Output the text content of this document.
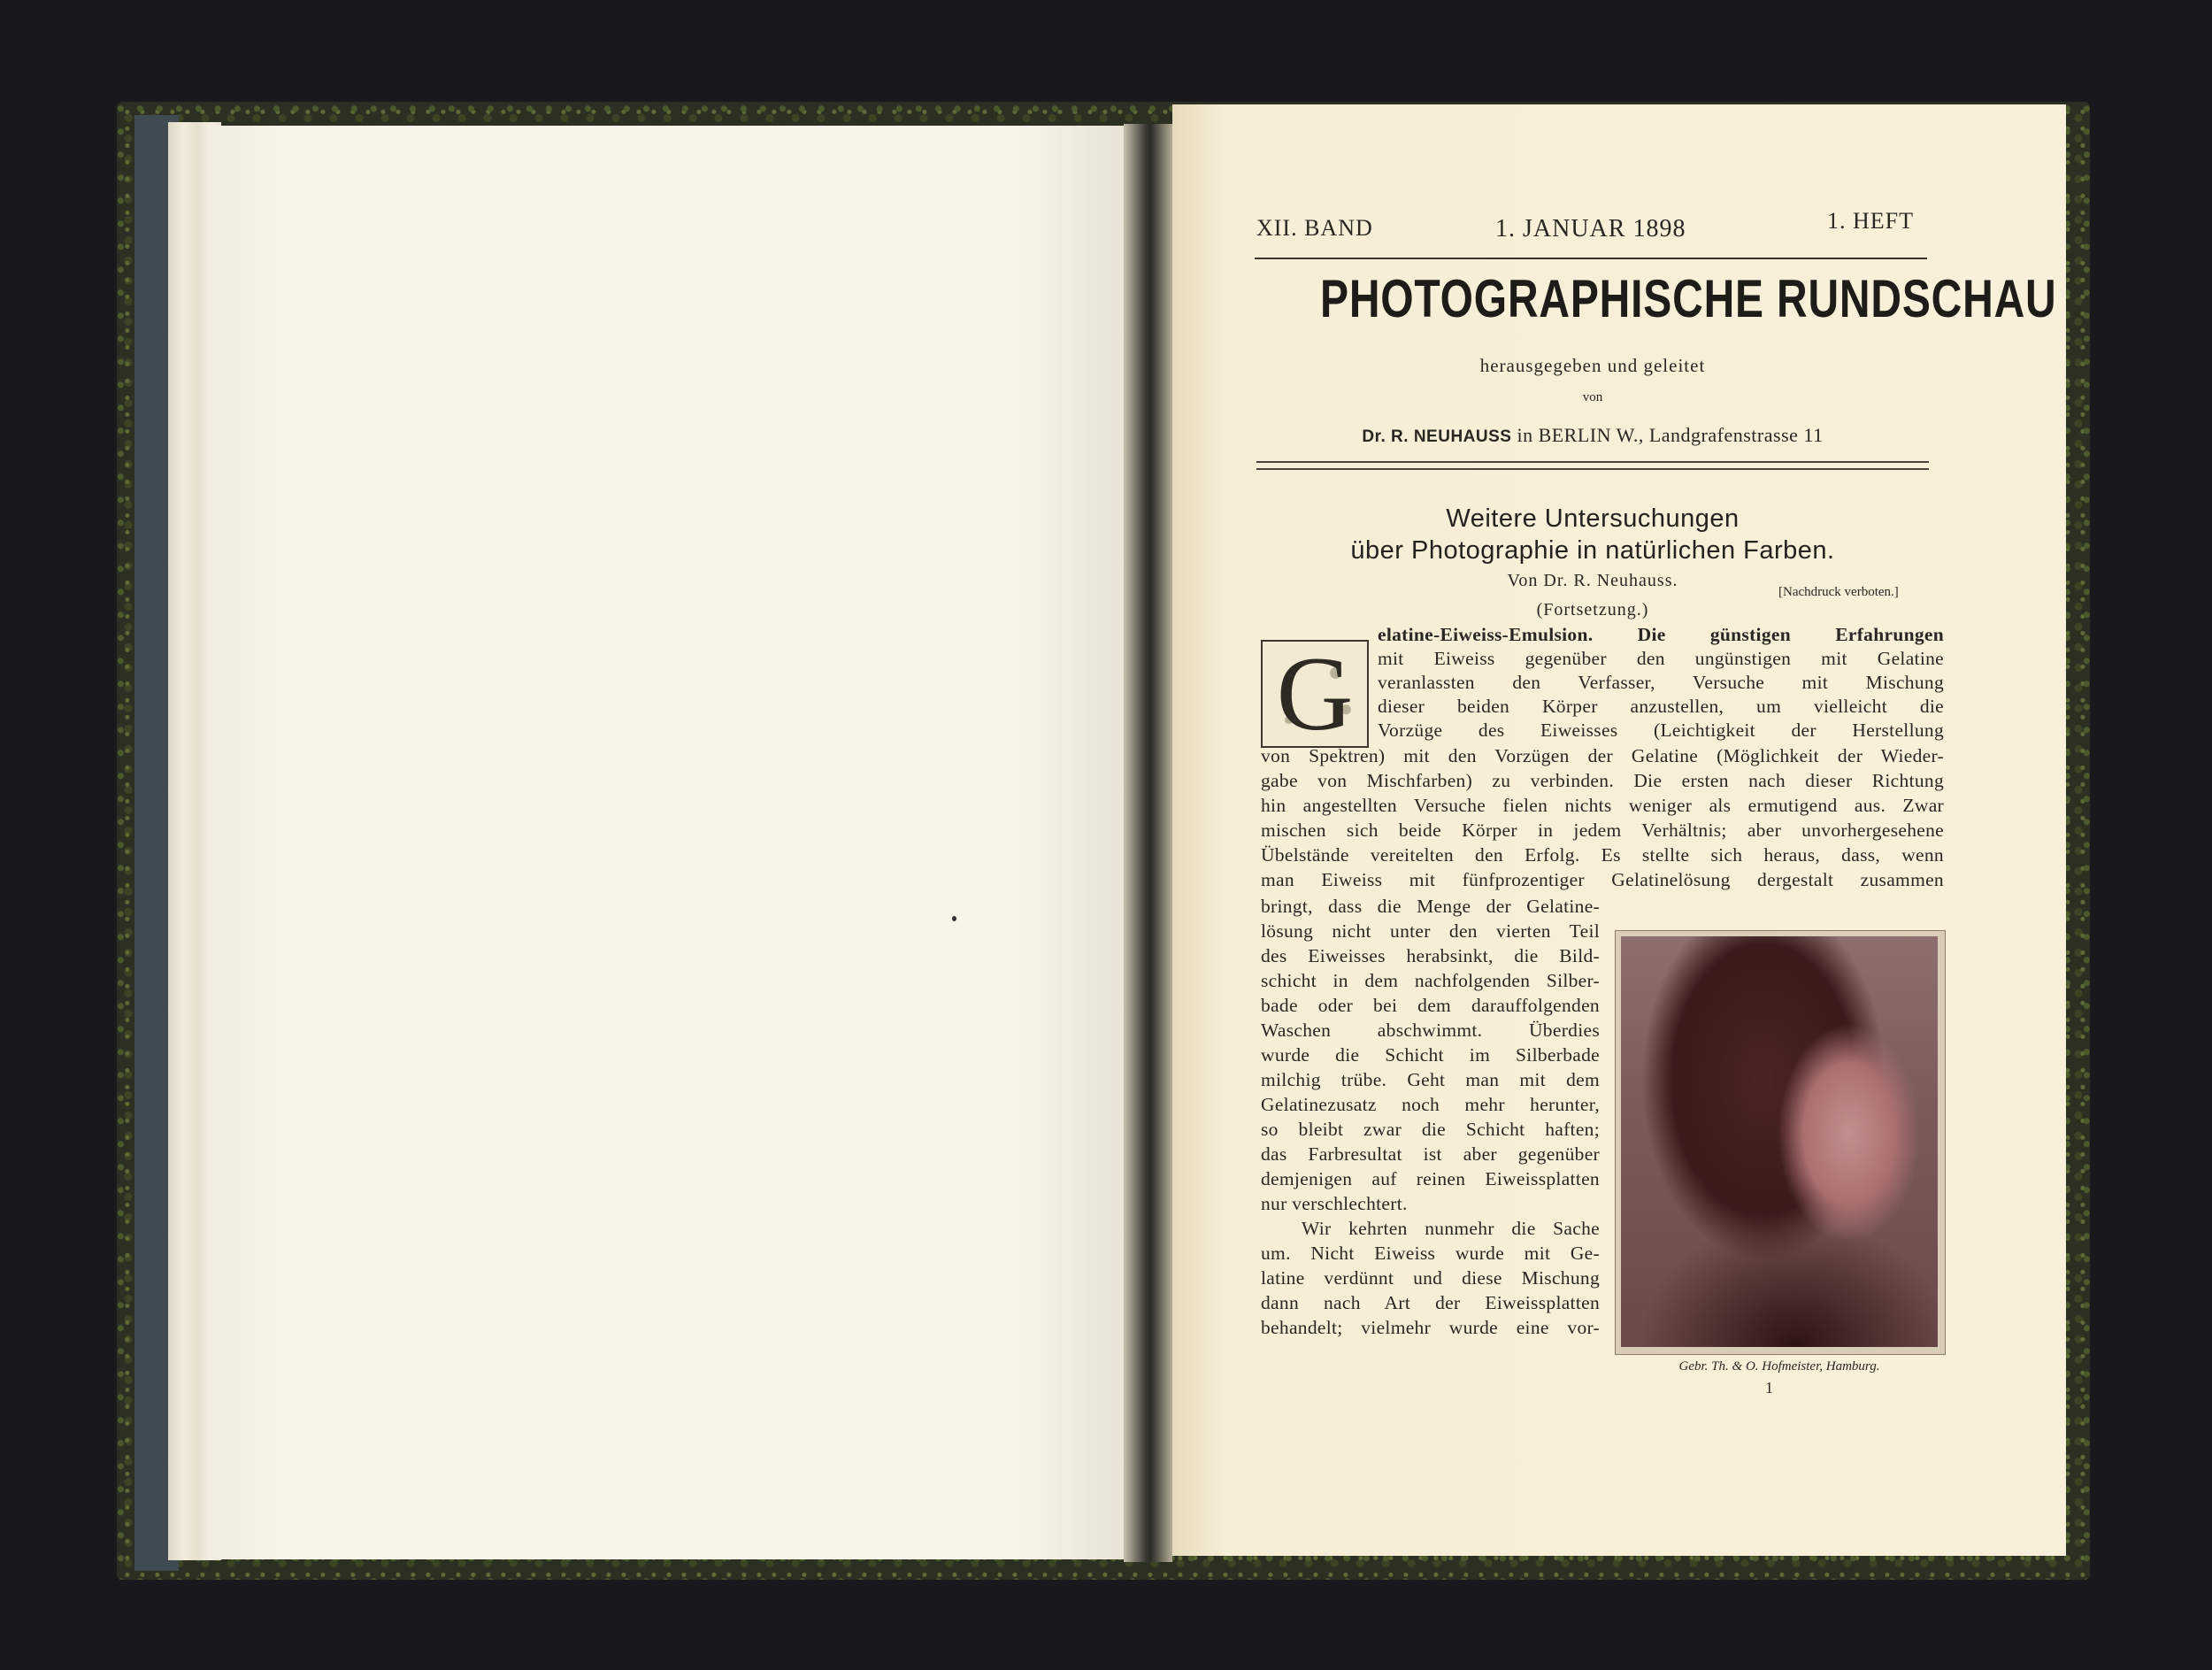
XII. BAND	1. JANUAR 1898	1. HEFT
PHOTOGRAPHISCHE RUNDSCHAU
herausgegeben und geleitet
von
Dr. R. NEUHAUSS in BERLIN W., Landgrafenstrasse 11
Weitere Untersuchungen
über Photographie in natürlichen Farben.
Von Dr. R. Neuhauss.
[Nachdruck verboten.]
(Fortsetzung.)
G	elatine-Eiweiss-Emulsion. Die günstigen Erfahrungen
mit Eiweiss gegenüber den ungünstigen mit Gelatine
veranlassten den Verfasser, Versuche mit Mischung
dieser beiden Körper anzustellen, um vielleicht die
Vorzüge des Eiweisses (Leichtigkeit der Herstellung
von Spektren) mit den Vorzügen der Gelatine (Möglichkeit der Wieder-
gabe von Mischfarben) zu verbinden. Die ersten nach dieser Richtung
hin angestellten Versuche fielen nichts weniger als ermutigend aus. Zwar
mischen sich beide Körper in jedem Verhältnis; aber unvorhergesehene
Übelstände vereitelten den Erfolg. Es stellte sich heraus, dass, wenn
man Eiweiss mit fünfprozentiger Gelatinelösung dergestalt zusammen
bringt, dass die Menge der Gelatine-
lösung nicht unter den vierten Teil
des Eiweisses herabsinkt, die Bild-
schicht in dem nachfolgenden Silber-
bade oder bei dem darauffolgenden
Waschen abschwimmt. Überdies
wurde die Schicht im Silberbade
milchig trübe. Geht man mit dem
Gelatinezusatz noch mehr herunter,
so bleibt zwar die Schicht haften;
das Farbresultat ist aber gegenüber
demjenigen auf reinen Eiweissplatten
nur verschlechtert.
Wir kehrten nunmehr die Sache
um. Nicht Eiweiss wurde mit Ge-
latine verdünnt und diese Mischung
dann nach Art der Eiweissplatten
behandelt; vielmehr wurde eine vor-
Gebr. Th. & O. Hofmeister, Hamburg.
1
